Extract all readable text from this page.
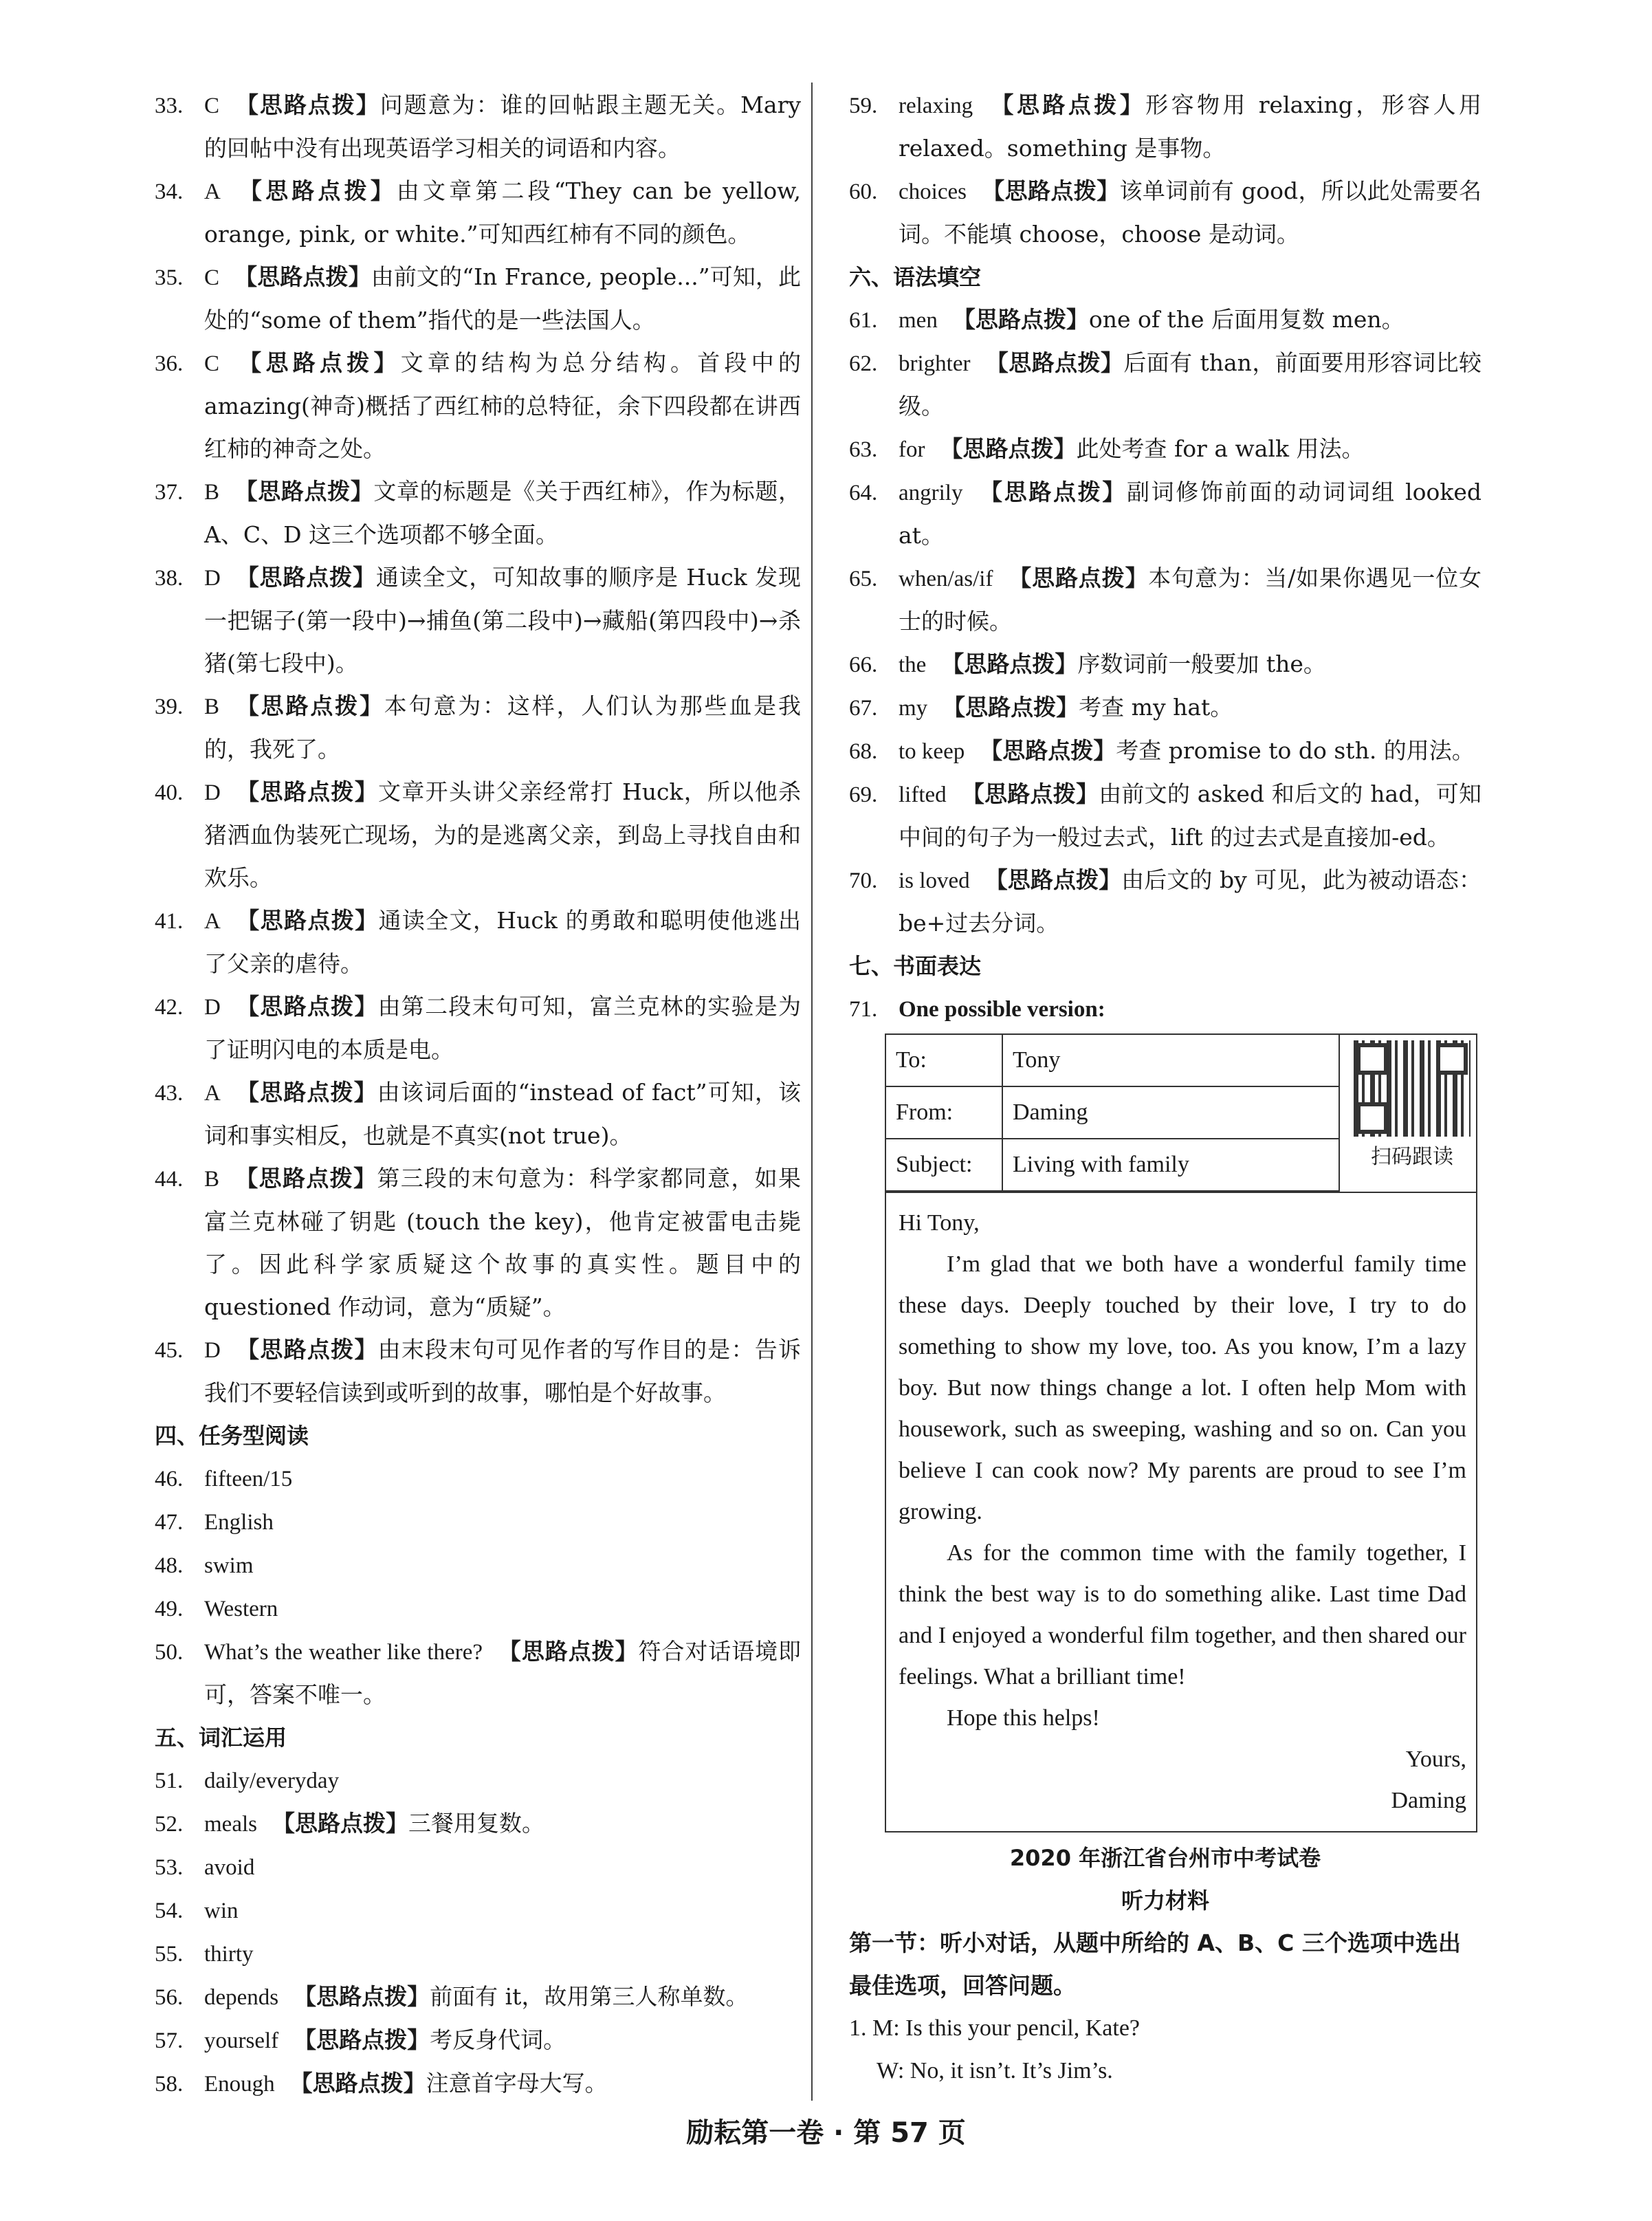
33. C 【思路点拨】问题意为：谁的回帖跟主题无关。Mary 的回帖中没有出现英语学习相关的词语和内容。

34. A 【思路点拨】由文章第二段“They can be yellow, orange, pink, or white.”可知西红柿有不同的颜色。

35. C 【思路点拨】由前文的“In France, people...”可知，此处的“some of them”指代的是一些法国人。

36. C 【思路点拨】文章的结构为总分结构。首段中的 amazing(神奇)概括了西红柿的总特征，余下四段都在讲西红柿的神奇之处。

37. B 【思路点拨】文章的标题是《关于西红柿》，作为标题，A、C、D 这三个选项都不够全面。

38. D 【思路点拨】通读全文，可知故事的顺序是 Huck 发现一把锯子(第一段中)→捕鱼(第二段中)→藏船(第四段中)→杀猪(第七段中)。

39. B 【思路点拨】本句意为：这样，人们认为那些血是我的，我死了。

40. D 【思路点拨】文章开头讲父亲经常打 Huck，所以他杀猪洒血伪装死亡现场，为的是逃离父亲，到岛上寻找自由和欢乐。

41. A 【思路点拨】通读全文，Huck 的勇敢和聪明使他逃出了父亲的虐待。

42. D 【思路点拨】由第二段末句可知，富兰克林的实验是为了证明闪电的本质是电。

43. A 【思路点拨】由该词后面的“instead of fact”可知，该词和事实相反，也就是不真实(not true)。

44. B 【思路点拨】第三段的末句意为：科学家都同意，如果富兰克林碰了钥匙 (touch the key)，他肯定被雷电击毙了。因此科学家质疑这个故事的真实性。题目中的 questioned 作动词，意为“质疑”。

45. D 【思路点拨】由末段末句可见作者的写作目的是：告诉我们不要轻信读到或听到的故事，哪怕是个好故事。

四、任务型阅读

46. fifteen/15

47. English

48. swim

49. Western

50. What’s the weather like there? 【思路点拨】符合对话语境即可，答案不唯一。

五、词汇运用

51. daily/everyday

52. meals 【思路点拨】三餐用复数。

53. avoid

54. win

55. thirty

56. depends 【思路点拨】前面有 it，故用第三人称单数。

57. yourself 【思路点拨】考反身代词。

58. Enough 【思路点拨】注意首字母大写。

59. relaxing 【思路点拨】形容物用 relaxing，形容人用 relaxed。something 是事物。

60. choices 【思路点拨】该单词前有 good，所以此处需要名词。不能填 choose，choose 是动词。

六、语法填空

61. men 【思路点拨】one of the 后面用复数 men。

62. brighter 【思路点拨】后面有 than，前面要用形容词比较级。

63. for 【思路点拨】此处考查 for a walk 用法。

64. angrily 【思路点拨】副词修饰前面的动词词组 looked at。

65. when/as/if 【思路点拨】本句意为：当/如果你遇见一位女士的时候。

66. the 【思路点拨】序数词前一般要加 the。

67. my 【思路点拨】考查 my hat。

68. to keep 【思路点拨】考查 promise to do sth. 的用法。

69. lifted 【思路点拨】由前文的 asked 和后文的 had，可知中间的句子为一般过去式，lift 的过去式是直接加-ed。

70. is loved 【思路点拨】由后文的 by 可见，此为被动语态：be+过去分词。

七、书面表达

71. One possible version:

To:	Tony
From:	Daming
Subject:	Living with family	扫码跟读

Hi Tony,

I’m glad that we both have a wonderful family time these days. Deeply touched by their love, I try to do something to show my love, too. As you know, I’m a lazy boy. But now things change a lot. I often help Mom with housework, such as sweeping, washing and so on. Can you believe I can cook now? My parents are proud to see I’m growing.

As for the common time with the family together, I think the best way is to do something alike. Last time Dad and I enjoyed a wonderful film together, and then shared our feelings. What a brilliant time!

Hope this helps!

Yours,

Daming

2020 年浙江省台州市中考试卷

听力材料

第一节：听小对话，从题中所给的 A、B、C 三个选项中选出最佳选项，回答问题。

1. M: Is this your pencil, Kate?

W: No, it isn’t. It’s Jim’s.

励耘第一卷 · 第 57 页
